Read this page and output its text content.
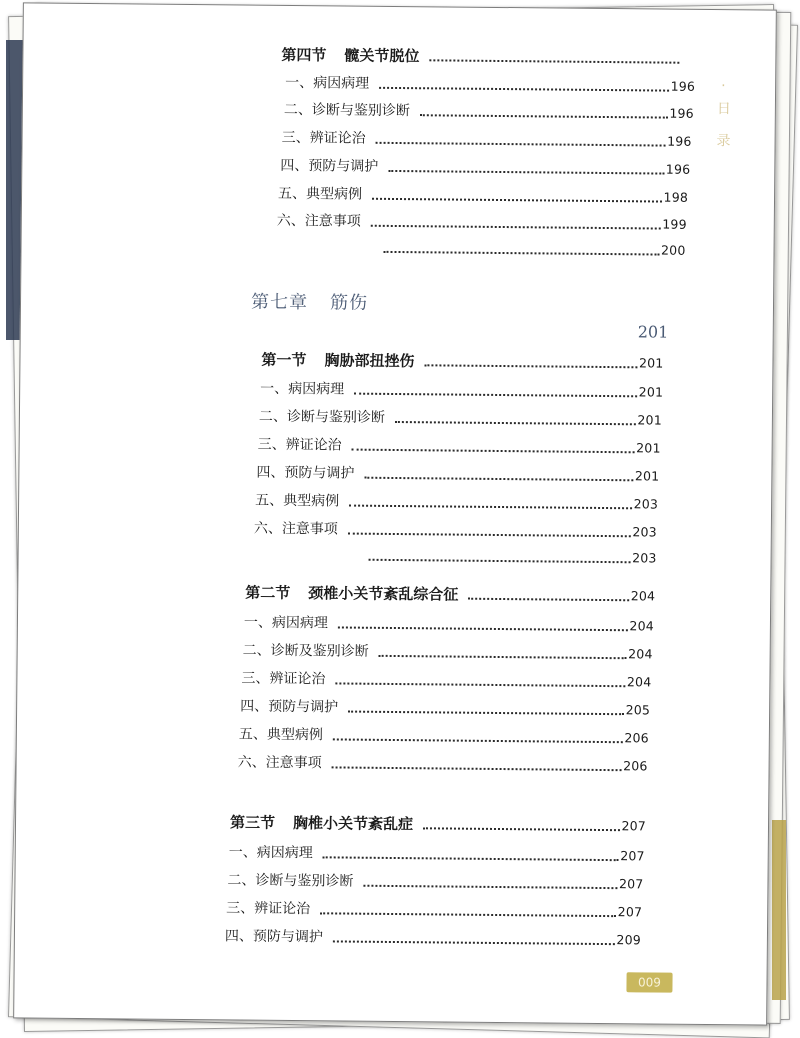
·
日
录
第四节 髋关节脱位
一、病因病理	196
二、诊断与鉴别诊断	196
三、辨证论治	196
四、预防与调护	196
五、典型病例	198
六、注意事项	199
200
第七章 筋伤
201
第一节 胸胁部扭挫伤	201
一、病因病理	201
二、诊断与鉴别诊断	201
三、辨证论治	201
四、预防与调护	201
五、典型病例	203
六、注意事项	203
203
第二节 颈椎小关节紊乱综合征	204
一、病因病理	204
二、诊断及鉴别诊断	204
三、辨证论治	204
四、预防与调护	205
五、典型病例	206
六、注意事项	206
第三节 胸椎小关节紊乱症	207
一、病因病理	207
二、诊断与鉴别诊断	207
三、辨证论治	207
四、预防与调护	209
009
